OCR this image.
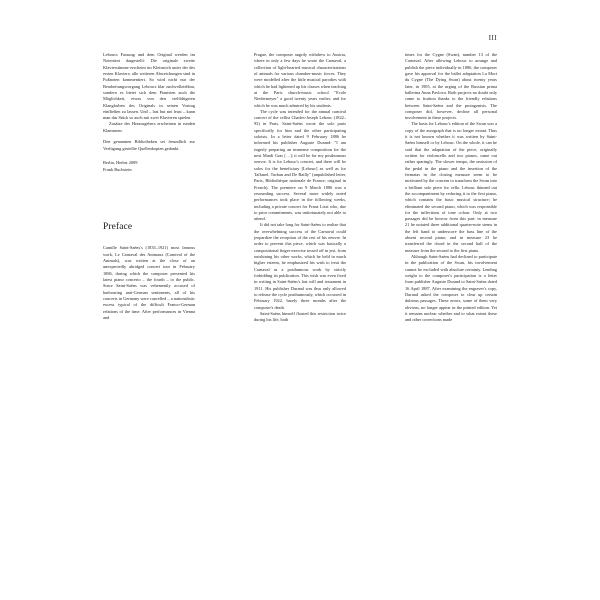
III

Leboucs Fassung und dem Original werden im Notentext dargestellt: Die originale zweite Klavierstimme erscheint im Kleinstich unter der des ersten Klaviers; alle weiteren Abweichungen sind in Fußnoten kommentiert. So wird nicht nur der Bearbeitungsvorgang Leboucs klar nachvollziehbar, sondern es bietet sich dem Pianisten auch die Möglichkeit, etwas von den vielfältigeren Klangfarben des Originals in seinen Vortrag einfließen zu lassen. Und – last but not least – kann man das Stück so auch mit zwei Klavieren spielen.

Zusätze des Herausgebers erscheinen in runden Klammern.

Den genannten Bibliotheken sei freundlich zur Verfügung gestellte Quellenkopien gedankt.

Berlin, Herbst 2009
Frank Buchstein
Preface

Camille Saint-Saëns's (1835–1921) most famous work, Le Carnaval des Animaux (Carnival of the Animals), was written at the close of an unexpectedly abridged concert tour in February 1886, during which the composer presented his latest piano concerto – the fourth – to the public. Since Saint-Saëns was vehemently accused of harbouring anti-German sentiments, all of his concerts in Germany were cancelled – a nationalistic excess typical of the difficult Franco-German relations of the time. After performances in Vienna and

Prague, the composer angrily withdrew to Austria, where in only a few days he wrote the Carnaval, a collection of light-hearted musical characterizations of animals for various chamber-music forces. They were modelled after the little musical parodies with which he had lightened up his classes when teaching at the Paris church-music school "Ecole Niedermeyer" a good twenty years earlier, and for which he was much admired by his students.

The cycle was intended for the annual carnival concert of the cellist Charles-Joseph Lebouc (1822–93) in Paris. Saint-Saëns wrote the solo parts specifically for him and the other participating soloists. In a letter dated 9 February 1886 he informed his publisher Auguste Durand: "I am eagerly preparing an immense composition for the next Mardi Gras […]; it will be for my posthumous oeuvre. It is for Lebouc's concert, and there will be solos for the beneficiary [Lebouc] as well as for Taffanel, Turban and De Bailly" (unpublished letter, Paris, Bibliothèque nationale de France; original in French). The premiere on 9 March 1886 was a resounding success. Several more widely noted performances took place in the following weeks, including a private concert for Franz Liszt who, due to prior commitments, was unfortunately not able to attend.

It did not take long for Saint-Saëns to realize that the overwhelming success of the Carnaval could jeopardize the reception of the rest of his oeuvre. In order to prevent this piece, which was basically a compositional finger-exercise tossed off in jest, from outshining his other works, which he held in much higher esteem, he emphasized his wish to treat the Carnaval as a posthumous work by strictly forbidding its publication. This wish was even fixed in writing in Saint-Saëns's last will and testament in 1911. His publisher Durand was thus only allowed to release the cycle posthumously, which occurred in February 1922, barely three months after the composer's death.

Saint-Saëns himself flouted this restriction twice during his life, both

times for the Cygne (Swan), number 13 of the Carnaval. After allowing Lebouc to arrange and publish the piece individually in 1886, the composer gave his approval for the ballet adaptation La Mort du Cygne (The Dying Swan) about twenty years later, in 1905, at the urging of the Russian prima ballerina Anna Pavlova. Both projects no doubt only came to fruition thanks to the friendly relations between Saint-Saëns and the protagonists. The composer did, however, decline all personal involvement in these projects.

The basis for Lebouc's edition of the Swan was a copy of the autograph that is no longer extant. Thus it is not known whether it was written by Saint-Saëns himself or by Lebouc. On the whole, it can be said that the adaptation of the piece, originally written for violoncello and two pianos, came out rather sparingly. The slower tempo, the omission of the pedal in the piano and the insertion of the fermatas in the closing measure seem to be motivated by the concern to transform the Swan into a brilliant solo piece for cello. Lebouc thinned out the accompaniment by reducing it to the first piano, which contains the basic musical structure; he eliminated the second piano, which was responsible for the inflections of tone colour. Only at two passages did he borrow from this part: in measure 21 he notated three additional quarter-note stems in the left hand to underscore the bass line of the absent second piano; and in measure 23 he transferred the chord in the second half of the measure from the second to the first piano.

Although Saint-Saëns had declined to participate in the publication of the Swan, his involvement cannot be excluded with absolute certainty. Lending weight to the composer's participation is a letter from publisher Auguste Durand to Saint-Saëns dated 16 April 1887. After examining the engraver's copy, Durand asked the composer to clear up certain dubious passages. These errors, some of them very obvious, no longer appear in the printed edition. Yet it remains unclear whether and to what extent these and other corrections made
